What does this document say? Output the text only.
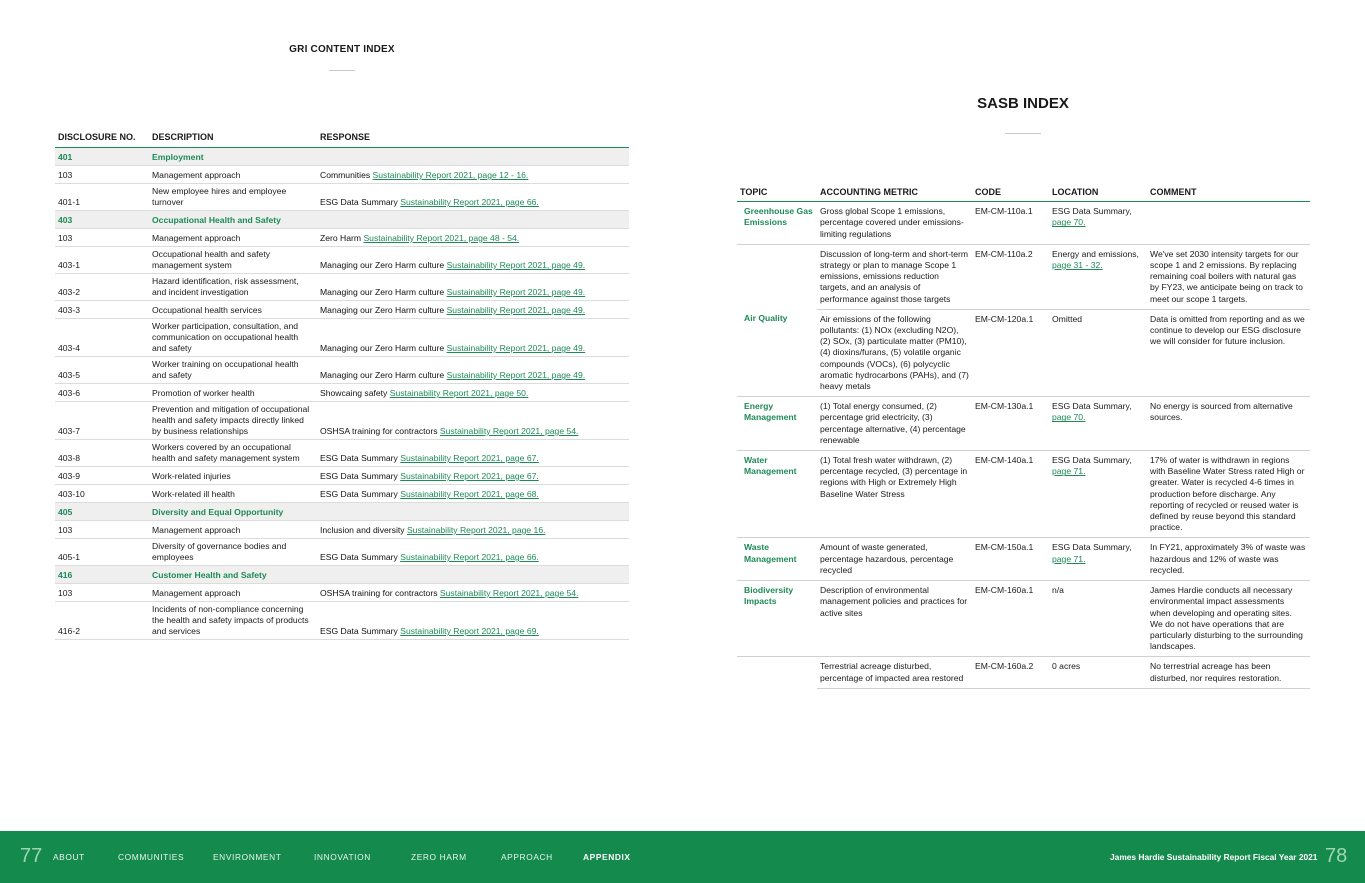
GRI CONTENT INDEX
DISCLOSURE NO.	DESCRIPTION	RESPONSE
401	Employment	
103	Management approach	Communities Sustainability Report 2021, page 12 - 16.
401-1	New employee hires and employee turnover	ESG Data Summary Sustainability Report 2021, page 66.
403	Occupational Health and Safety	
103	Management approach	Zero Harm Sustainability Report 2021, page 48 - 54.
403-1	Occupational health and safety management system	Managing our Zero Harm culture Sustainability Report 2021, page 49.
403-2	Hazard identification, risk assessment, and incident investigation	Managing our Zero Harm culture Sustainability Report 2021, page 49.
403-3	Occupational health services	Managing our Zero Harm culture Sustainability Report 2021, page 49.
403-4	Worker participation, consultation, and communication on occupational health and safety	Managing our Zero Harm culture Sustainability Report 2021, page 49.
403-5	Worker training on occupational health and safety	Managing our Zero Harm culture Sustainability Report 2021, page 49.
403-6	Promotion of worker health	Showcaing safety Sustainability Report 2021, page 50.
403-7	Prevention and mitigation of occupational health and safety impacts directly linked by business relationships	OSHSA training for contractors Sustainability Report 2021, page 54.
403-8	Workers covered by an occupational health and safety management system	ESG Data Summary Sustainability Report 2021, page 67.
403-9	Work-related injuries	ESG Data Summary Sustainability Report 2021, page 67.
403-10	Work-related ill health	ESG Data Summary Sustainability Report 2021, page 68.
405	Diversity and Equal Opportunity	
103	Management approach	Inclusion and diversity Sustainability Report 2021, page 16.
405-1	Diversity of governance bodies and employees	ESG Data Summary Sustainability Report 2021, page 66.
416	Customer Health and Safety	
103	Management approach	OSHSA training for contractors Sustainability Report 2021, page 54.
416-2	Incidents of non-compliance concerning the health and safety impacts of products and services	ESG Data Summary Sustainability Report 2021, page 69.
SASB INDEX
TOPIC	ACCOUNTING METRIC	CODE	LOCATION	COMMENT
Greenhouse Gas Emissions	Gross global Scope 1 emissions, percentage covered under emissions-limiting regulations	EM-CM-110a.1	ESG Data Summary,
page 70.	
	Discussion of long-term and short-term strategy or plan to manage Scope 1 emissions, emissions reduction targets, and an analysis of performance against those targets	EM-CM-110a.2	Energy and emissions,
page 31 - 32.	We've set 2030 intensity targets for our scope 1 and 2 emissions. By replacing remaining coal boilers with natural gas by FY23, we anticipate being on track to meet our scope 1 targets.
Air Quality	Air emissions of the following pollutants: (1) NOx (excluding N2O), (2) SOx, (3) particulate matter (PM10), (4) dioxins/furans, (5) volatile organic compounds (VOCs), (6) polycyclic aromatic hydrocarbons (PAHs), and (7) heavy metals	EM-CM-120a.1	Omitted	Data is omitted from reporting and as we continue to develop our ESG disclosure we will consider for future inclusion.
Energy Management	(1) Total energy consumed, (2) percentage grid electricity, (3) percentage alternative, (4) percentage renewable	EM-CM-130a.1	ESG Data Summary,
page 70.	No energy is sourced from alternative sources.
Water Management	(1) Total fresh water withdrawn, (2) percentage recycled, (3) percentage in regions with High or Extremely High Baseline Water Stress	EM-CM-140a.1	ESG Data Summary,
page 71.	17% of water is withdrawn in regions with Baseline Water Stress rated High or greater. Water is recycled 4-6 times in production before discharge. Any reporting of recycled or reused water is defined by reuse beyond this standard practice.
Waste Management	Amount of waste generated, percentage hazardous, percentage recycled	EM-CM-150a.1	ESG Data Summary,
page 71.	In FY21, approximately 3% of waste was hazardous and 12% of waste was recycled.
Biodiversity Impacts	Description of environmental management policies and practices for active sites	EM-CM-160a.1	n/a	James Hardie conducts all necessary environmental impact assessments when developing and operating sites. We do not have operations that are particularly disturbing to the surrounding landscapes.
	Terrestrial acreage disturbed, percentage of impacted area restored	EM-CM-160a.2	0 acres	No terrestrial acreage has been disturbed, nor requires restoration.
77 ABOUT	COMMUNITIES	ENVIRONMENT	INNOVATION	ZERO HARM	APPROACH	APPENDIX	James Hardie Sustainability Report Fiscal Year 2021 78
